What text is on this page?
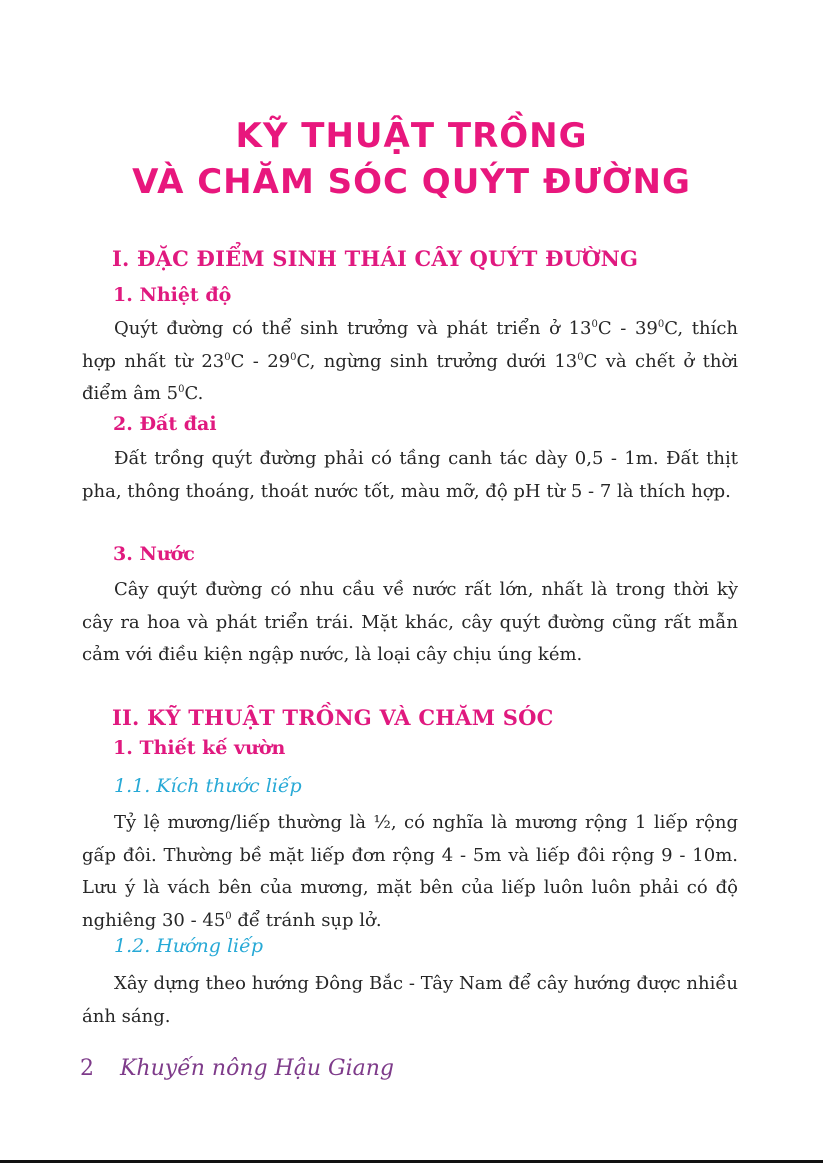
KỸ THUẬT TRỒNG
VÀ CHĂM SÓC QUÝT ĐƯỜNG
I. ĐẶC ĐIỂM SINH THÁI CÂY QUÝT ĐƯỜNG
1. Nhiệt độ
Quýt đường có thể sinh trưởng và phát triển ở $13^0C - 39^0C$, thích hợp nhất từ $23^0C - 29^0C$, ngừng sinh trưởng dưới $13^0C$ và chết ở thời điểm âm $5^0C$.
2. Đất đai
Đất trồng quýt đường phải có tầng canh tác dày 0,5 - 1m. Đất thịt pha, thông thoáng, thoát nước tốt, màu mỡ, độ pH từ 5 - 7 là thích hợp.
3. Nước
Cây quýt đường có nhu cầu về nước rất lớn, nhất là trong thời kỳ cây ra hoa và phát triển trái. Mặt khác, cây quýt đường cũng rất mẫn cảm với điều kiện ngập nước, là loại cây chịu úng kém.
II. KỸ THUẬT TRỒNG VÀ CHĂM SÓC
1. Thiết kế vườn
1.1. Kích thước liếp
Tỷ lệ mương/liếp thường là ½, có nghĩa là mương rộng 1 liếp rộng gấp đôi. Thường bề mặt liếp đơn rộng 4 - 5m và liếp đôi rộng 9 - 10m. Lưu ý là vách bên của mương, mặt bên của liếp luôn luôn phải có độ nghiêng $30 - 45^0$ để tránh sụp lở.
1.2. Hướng liếp
Xây dựng theo hướng Đông Bắc - Tây Nam để cây hướng được nhiều ánh sáng.
2 Khuyến nông Hậu Giang
